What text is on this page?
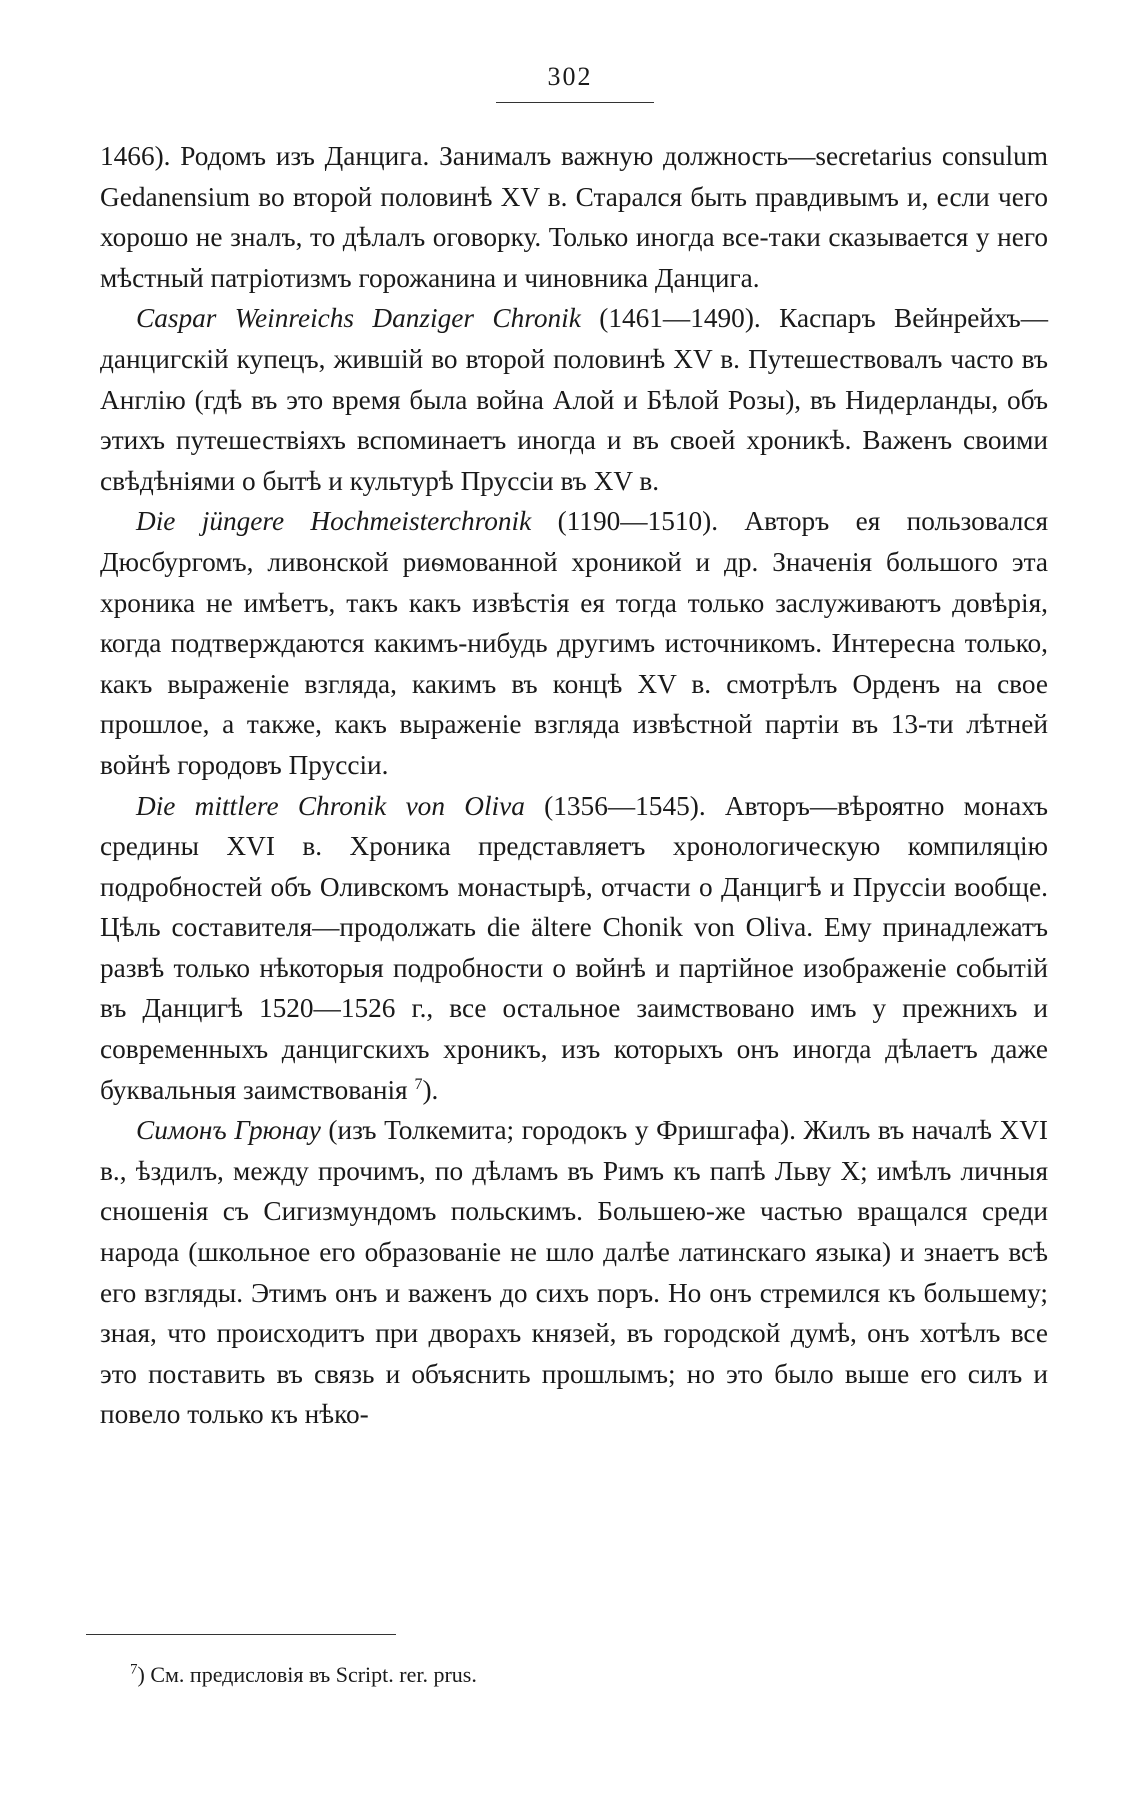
302

1466). Родомъ изъ Данцига. Занималъ важную должность—secretarius consulum Gedanensium во второй половинѣ XV в. Старался быть правдивымъ и, если чего хорошо не зналъ, то дѣлалъ оговорку. Только иногда все-таки сказывается у него мѣстный патріотизмъ горожанина и чиновника Данцига.

Caspar Weinreichs Danziger Chronik (1461—1490). Каспаръ Вейнрейхъ—данцигскій купецъ, жившій во второй половинѣ XV в. Путешествовалъ часто въ Англію (гдѣ въ это время была война Алой и Бѣлой Розы), въ Нидерланды, объ этихъ путешествіяхъ вспоминаетъ иногда и въ своей хроникѣ. Важенъ своими свѣдѣніями о бытѣ и культурѣ Пруссіи въ XV в.

Die jüngere Hochmeisterchronik (1190—1510). Авторъ ея пользовался Дюсбургомъ, ливонской риѳмованной хроникой и др. Значенія большого эта хроника не имѣетъ, такъ какъ извѣстія ея тогда только заслуживаютъ довѣрія, когда подтверждаются какимъ-нибудь другимъ источникомъ. Интересна только, какъ выраженіе взгляда, какимъ въ концѣ XV в. смотрѣлъ Орденъ на свое прошлое, а также, какъ выраженіе взгляда извѣстной партіи въ 13-ти лѣтней войнѣ городовъ Пруссіи.

Die mittlere Chronik von Oliva (1356—1545). Авторъ—вѣроятно монахъ средины XVI в. Хроника представляетъ хронологическую компиляцію подробностей объ Оливскомъ монастырѣ, отчасти о Данцигѣ и Пруссіи вообще. Цѣль составителя—продолжать die ältere Chonik von Oliva. Ему принадлежатъ развѣ только нѣкоторыя подробности о войнѣ и партійное изображеніе событій въ Данцигѣ 1520—1526 г., все остальное заимствовано имъ у прежнихъ и современныхъ данцигскихъ хроникъ, изъ которыхъ онъ иногда дѣлаетъ даже буквальныя заимствованія $^7$).

Симонъ Грюнау (изъ Толкемита; городокъ у Фришгафа). Жилъ въ началѣ XVI в., ѣздилъ, между прочимъ, по дѣламъ въ Римъ къ папѣ Льву X; имѣлъ личныя сношенія съ Сигизмундомъ польскимъ. Большею-же частью вращался среди народа (школьное его образованіе не шло далѣе латинскаго языка) и знаетъ всѣ его взгляды. Этимъ онъ и важенъ до сихъ поръ. Но онъ стремился къ большему; зная, что происходитъ при дворахъ князей, въ городской думѣ, онъ хотѣлъ все это поставить въ связь и объяснить прошлымъ; но это было выше его силъ и повело только къ нѣко-

$^7$) См. предисловія въ Script. rer. prus.
